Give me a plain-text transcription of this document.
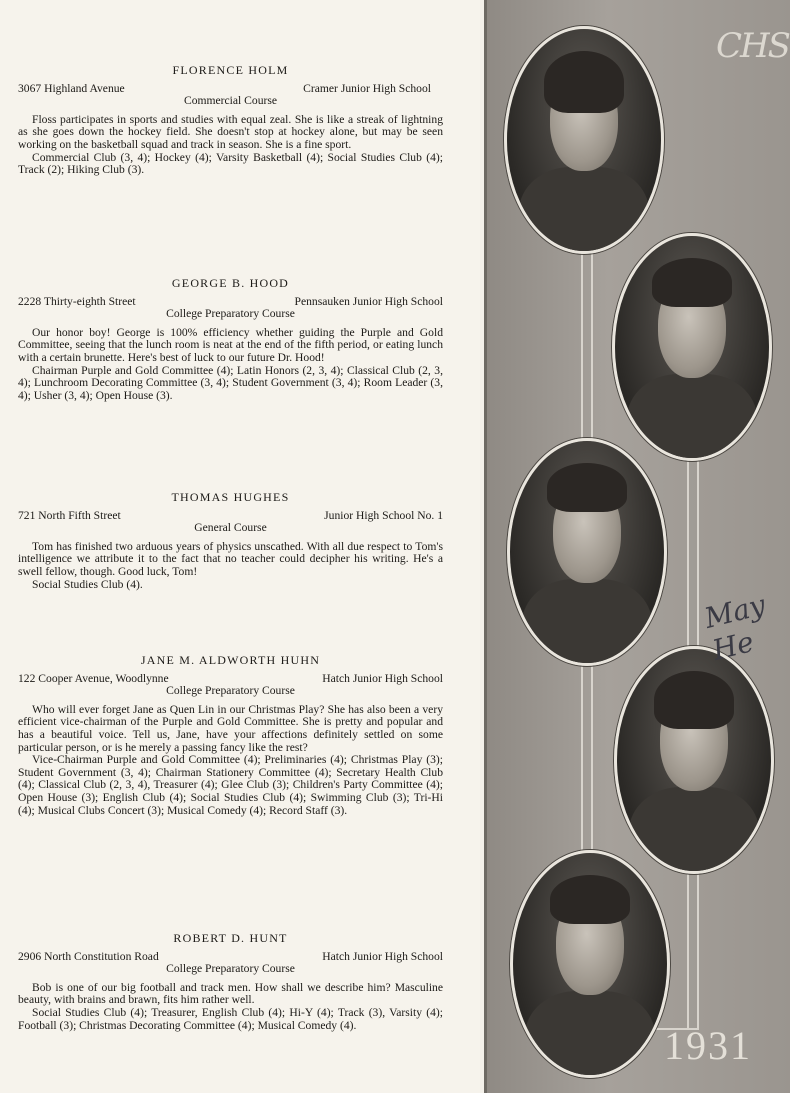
FLORENCE HOLM
3067 Highland Avenue	Cramer Junior High School
Commercial Course
Floss participates in sports and studies with equal zeal. She is like a streak of lightning as she goes down the hockey field. She doesn't stop at hockey alone, but may be seen working on the basketball squad and track in season. She is a fine sport.
Commercial Club (3, 4); Hockey (4); Varsity Basketball (4); Social Studies Club (4); Track (2); Hiking Club (3).
GEORGE B. HOOD
2228 Thirty-eighth Street	Pennsauken Junior High School
College Preparatory Course
Our honor boy! George is 100% efficiency whether guiding the Purple and Gold Committee, seeing that the lunch room is neat at the end of the fifth period, or eating lunch with a certain brunette. Here's best of luck to our future Dr. Hood!
Chairman Purple and Gold Committee (4); Latin Honors (2, 3, 4); Classical Club (2, 3, 4); Lunchroom Decorating Committee (3, 4); Student Government (3, 4); Room Leader (3, 4); Usher (3, 4); Open House (3).
THOMAS HUGHES
721 North Fifth Street	Junior High School No. 1
General Course
Tom has finished two arduous years of physics unscathed. With all due respect to Tom's intelligence we attribute it to the fact that no teacher could decipher his writing. He's a swell fellow, though. Good luck, Tom!
Social Studies Club (4).
JANE M. ALDWORTH HUHN
122 Cooper Avenue, Woodlynne	Hatch Junior High School
College Preparatory Course
Who will ever forget Jane as Quen Lin in our Christmas Play? She has also been a very efficient vice-chairman of the Purple and Gold Committee. She is pretty and popular and has a beautiful voice. Tell us, Jane, have your affections definitely settled on some particular person, or is he merely a passing fancy like the rest?
Vice-Chairman Purple and Gold Committee (4); Preliminaries (4); Christmas Play (3); Student Government (3, 4); Chairman Stationery Committee (4); Secretary Health Club (4); Classical Club (2, 3, 4), Treasurer (4); Glee Club (3); Children's Party Committee (4); Open House (3); English Club (4); Social Studies Club (4); Swimming Club (3); Tri-Hi (4); Musical Clubs Concert (3); Musical Comedy (4); Record Staff (3).
ROBERT D. HUNT
2906 North Constitution Road	Hatch Junior High School
College Preparatory Course
Bob is one of our big football and track men. How shall we describe him? Masculine beauty, with brains and brawn, fits him rather well.
Social Studies Club (4); Treasurer, English Club (4); Hi-Y (4); Track (3), Varsity (4); Football (3); Christmas Decorating Committee (4); Musical Comedy (4).
CHS
May He
1931
